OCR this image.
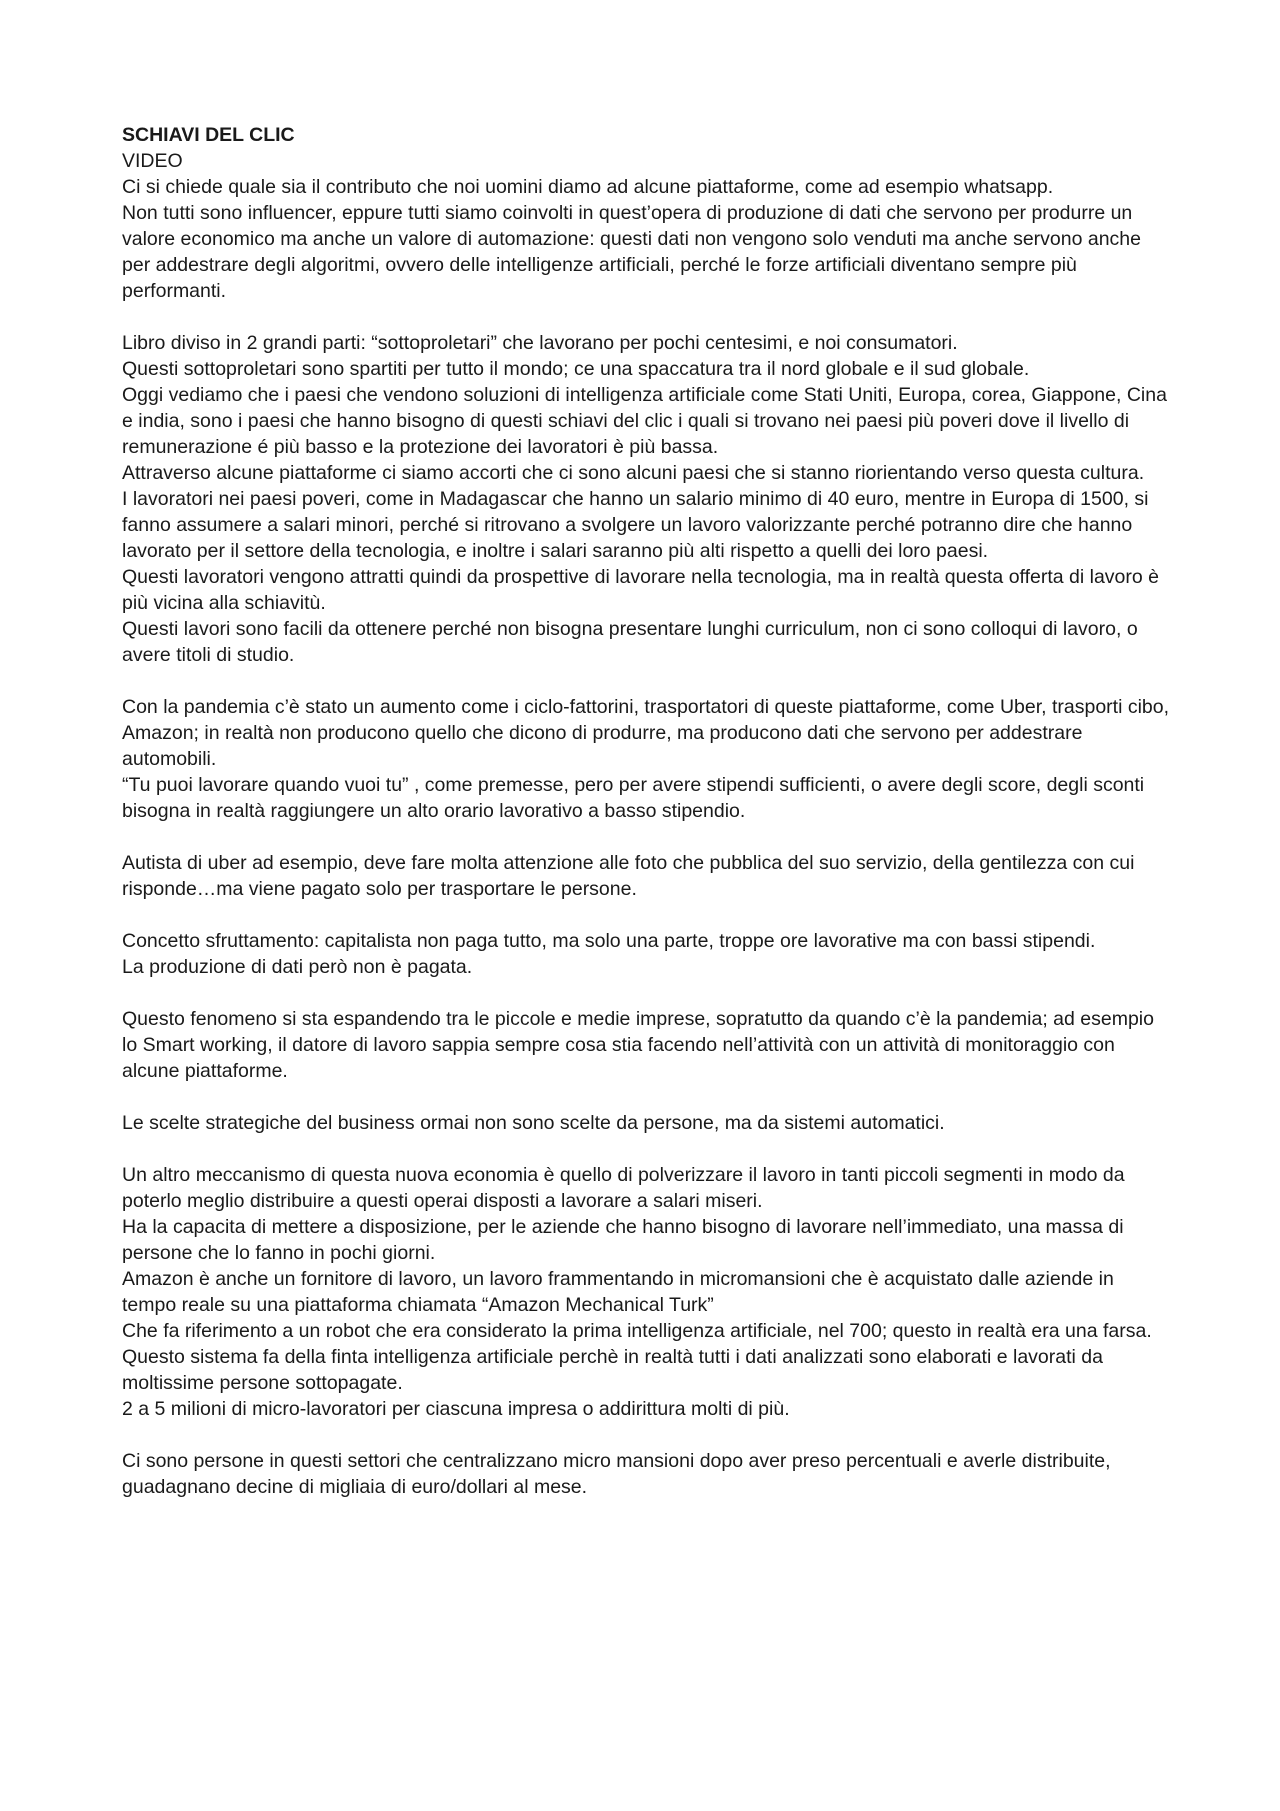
SCHIAVI DEL CLIC

VIDEO

Ci si chiede quale sia il contributo che noi uomini diamo ad alcune piattaforme, come ad esempio whatsapp.

Non tutti sono influencer, eppure tutti siamo coinvolti in quest’opera di produzione di dati che servono per produrre un valore economico ma anche un valore di automazione: questi dati non vengono solo venduti ma anche servono anche per addestrare degli algoritmi, ovvero delle intelligenze artificiali, perché le forze artificiali diventano sempre più performanti.

Libro diviso in 2 grandi parti: “sottoproletari” che lavorano per pochi centesimi, e noi consumatori.

Questi sottoproletari sono spartiti per tutto il mondo; ce una spaccatura tra il nord globale e il sud globale.

Oggi vediamo che i paesi che vendono soluzioni di intelligenza artificiale come Stati Uniti, Europa, corea, Giappone, Cina e india, sono i paesi che hanno bisogno di questi schiavi del clic i quali si trovano nei paesi più poveri dove il livello di remunerazione é più basso e la protezione dei lavoratori è più bassa.

Attraverso alcune piattaforme ci siamo accorti che ci sono alcuni paesi che si stanno riorientando verso questa cultura.

I lavoratori nei paesi poveri, come in Madagascar che hanno un salario minimo di 40 euro, mentre in Europa di 1500, si fanno assumere a salari minori, perché si ritrovano a svolgere un lavoro valorizzante perché potranno dire che hanno lavorato per il settore della tecnologia, e inoltre i salari saranno più alti rispetto a quelli dei loro paesi.

Questi lavoratori vengono attratti quindi da prospettive di lavorare nella tecnologia, ma in realtà questa offerta di lavoro è più vicina alla schiavitù.

Questi lavori sono facili da ottenere perché non bisogna presentare lunghi curriculum, non ci sono colloqui di lavoro, o avere titoli di studio.

Con la pandemia c’è stato un aumento come i ciclo-fattorini, trasportatori di queste piattaforme, come Uber, trasporti cibo, Amazon; in realtà non producono quello che dicono di produrre, ma producono dati che servono per addestrare automobili.

“Tu puoi lavorare quando vuoi tu” , come premesse, pero per avere stipendi sufficienti, o avere degli score, degli sconti bisogna in realtà raggiungere un alto orario lavorativo a basso stipendio.

Autista di uber ad esempio, deve fare molta attenzione alle foto che pubblica del suo servizio, della gentilezza con cui risponde…ma viene pagato solo per trasportare le persone.

Concetto sfruttamento: capitalista non paga tutto, ma solo una parte, troppe ore lavorative ma con bassi stipendi.

La produzione di dati però non è pagata.

Questo fenomeno si sta espandendo tra le piccole e medie imprese, sopratutto da quando c’è la pandemia; ad esempio lo Smart working, il datore di lavoro sappia sempre cosa stia facendo nell’attività con un attività di monitoraggio con alcune piattaforme.

Le scelte strategiche del business ormai non sono scelte da persone, ma da sistemi automatici.

Un altro meccanismo di questa nuova economia è quello di polverizzare il lavoro in tanti piccoli segmenti in modo da poterlo meglio distribuire a questi operai disposti a lavorare a salari miseri.

Ha la capacita di mettere a disposizione, per le aziende che hanno bisogno di lavorare nell’immediato, una massa di persone che lo fanno in pochi giorni.

Amazon è anche un fornitore di lavoro, un lavoro frammentando in micromansioni che è acquistato dalle aziende in tempo reale su una piattaforma chiamata “Amazon Mechanical Turk”

Che fa riferimento a un robot che era considerato la prima intelligenza artificiale, nel 700; questo in realtà era una farsa.

Questo sistema fa della finta intelligenza artificiale perchè in realtà tutti i dati analizzati sono elaborati e lavorati da moltissime persone sottopagate.

2 a 5 milioni di micro-lavoratori per ciascuna impresa o addirittura molti di più.

Ci sono persone in questi settori che centralizzano micro mansioni dopo aver preso percentuali e averle distribuite, guadagnano decine di migliaia di euro/dollari al mese.
